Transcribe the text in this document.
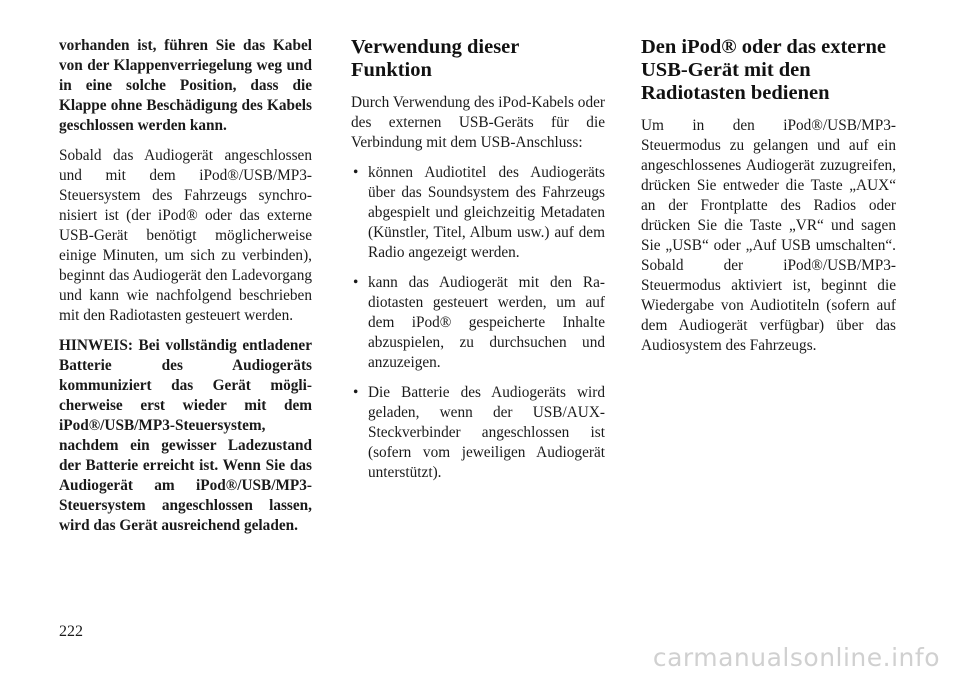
vorhanden ist, führen Sie das Kabel von der Klappenverriegelung weg und in eine solche Position, dass die Klappe ohne Beschädigung des Kabels geschlossen werden kann.

Sobald das Audiogerät angeschlossen und mit dem iPod®/USB/MP3-Steuersystem des Fahrzeugs synchronisiert ist (der iPod® oder das externe USB-Gerät benötigt möglicherweise einige Minuten, um sich zu verbinden), beginnt das Audiogerät den Ladevorgang und kann wie nachfolgend beschrieben mit den Radiotasten gesteuert werden.

HINWEIS: Bei vollständig entladener Batterie des Audiogeräts kommuniziert das Gerät möglicherweise erst wieder mit dem iPod®/USB/MP3-Steuersystem, nachdem ein gewisser Ladezustand der Batterie erreicht ist. Wenn Sie das Audiogerät am iPod®/USB/MP3-Steuersystem angeschlossen lassen, wird das Gerät ausreichend geladen.

Verwendung dieser Funktion

Durch Verwendung des iPod-Kabels oder des externen USB-Geräts für die Verbindung mit dem USB-Anschluss:

• können Audiotitel des Audiogeräts über das Soundsystem des Fahrzeugs abgespielt und gleichzeitig Metadaten (Künstler, Titel, Album usw.) auf dem Radio angezeigt werden.
• kann das Audiogerät mit den Radiotasten gesteuert werden, um auf dem iPod® gespeicherte Inhalte abzuspielen, zu durchsuchen und anzuzeigen.
• Die Batterie des Audiogeräts wird geladen, wenn der USB/AUX-Steckverbinder angeschlossen ist (sofern vom jeweiligen Audiogerät unterstützt).
Den iPod® oder das externe USB-Gerät mit den Radiotasten bedienen

Um in den iPod®/USB/MP3-Steuermodus zu gelangen und auf ein angeschlossenes Audiogerät zuzugreifen, drücken Sie entweder die Taste „AUX“ an der Frontplatte des Radios oder drücken Sie die Taste „VR“ und sagen Sie „USB“ oder „Auf USB umschalten“. Sobald der iPod®/USB/MP3-Steuermodus aktiviert ist, beginnt die Wiedergabe von Audiotiteln (sofern auf dem Audiogerät verfügbar) über das Audiosystem des Fahrzeugs.

222
carmanualsonline.info
